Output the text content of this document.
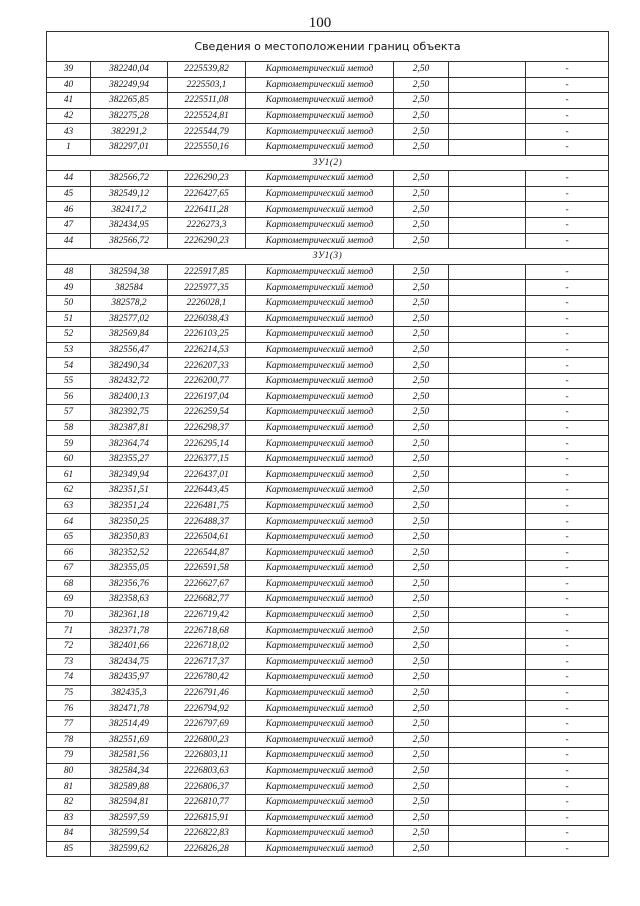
100
Сведения о местоположении границ объекта						
39	382240,04	2225539,82	Картометрический метод	2,50		-
40	382249,94	2225503,1	Картометрический метод	2,50		-
41	382265,85	2225511,08	Картометрический метод	2,50		-
42	382275,28	2225524,81	Картометрический метод	2,50		-
43	382291,2	2225544,79	Картометрический метод	2,50		-
1	382297,01	2225550,16	Картометрический метод	2,50		-
ЗУ1(2)						
44	382566,72	2226290,23	Картометрический метод	2,50		-
45	382549,12	2226427,65	Картометрический метод	2,50		-
46	382417,2	2226411,28	Картометрический метод	2,50		-
47	382434,95	2226273,3	Картометрический метод	2,50		-
44	382566,72	2226290,23	Картометрический метод	2,50		-
ЗУ1(3)						
48	382594,38	2225917,85	Картометрический метод	2,50		-
49	382584	2225977,35	Картометрический метод	2,50		-
50	382578,2	2226028,1	Картометрический метод	2,50		-
51	382577,02	2226038,43	Картометрический метод	2,50		-
52	382569,84	2226103,25	Картометрический метод	2,50		-
53	382556,47	2226214,53	Картометрический метод	2,50		-
54	382490,34	2226207,33	Картометрический метод	2,50		-
55	382432,72	2226200,77	Картометрический метод	2,50		-
56	382400,13	2226197,04	Картометрический метод	2,50		-
57	382392,75	2226259,54	Картометрический метод	2,50		-
58	382387,81	2226298,37	Картометрический метод	2,50		-
59	382364,74	2226295,14	Картометрический метод	2,50		-
60	382355,27	2226377,15	Картометрический метод	2,50		-
61	382349,94	2226437,01	Картометрический метод	2,50		-
62	382351,51	2226443,45	Картометрический метод	2,50		-
63	382351,24	2226481,75	Картометрический метод	2,50		-
64	382350,25	2226488,37	Картометрический метод	2,50		-
65	382350,83	2226504,61	Картометрический метод	2,50		-
66	382352,52	2226544,87	Картометрический метод	2,50		-
67	382355,05	2226591,58	Картометрический метод	2,50		-
68	382356,76	2226627,67	Картометрический метод	2,50		-
69	382358,63	2226682,77	Картометрический метод	2,50		-
70	382361,18	2226719,42	Картометрический метод	2,50		-
71	382371,78	2226718,68	Картометрический метод	2,50		-
72	382401,66	2226718,02	Картометрический метод	2,50		-
73	382434,75	2226717,37	Картометрический метод	2,50		-
74	382435,97	2226780,42	Картометрический метод	2,50		-
75	382435,3	2226791,46	Картометрический метод	2,50		-
76	382471,78	2226794,92	Картометрический метод	2,50		-
77	382514,49	2226797,69	Картометрический метод	2,50		-
78	382551,69	2226800,23	Картометрический метод	2,50		-
79	382581,56	2226803,11	Картометрический метод	2,50		-
80	382584,34	2226803,63	Картометрический метод	2,50		-
81	382589,88	2226806,37	Картометрический метод	2,50		-
82	382594,81	2226810,77	Картометрический метод	2,50		-
83	382597,59	2226815,91	Картометрический метод	2,50		-
84	382599,54	2226822,83	Картометрический метод	2,50		-
85	382599,62	2226826,28	Картометрический метод	2,50		-
